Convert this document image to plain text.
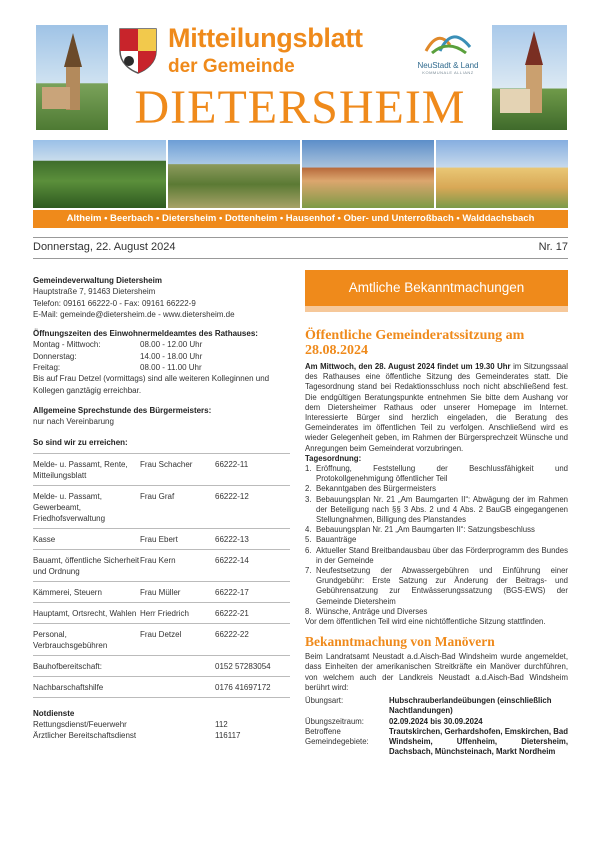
Mitteilungsblatt
der Gemeinde	NeuStadt & Land
KOMMUNALE ALLIANZ
DIETERSHEIM
Altheim • Beerbach • Dietersheim • Dottenheim • Hausenhof • Ober- und Unterroßbach • Walddachsbach
Donnerstag, 22. August 2024	Nr. 17
Gemeindeverwaltung Dietersheim
Hauptstraße 7, 91463 Dietersheim
Telefon: 09161 66222-0 - Fax: 09161 66222-9
E-Mail: gemeinde@dietersheim.de - www.dietersheim.de
Öffnungszeiten des Einwohnermeldeamtes des Rathauses:
Montag - Mittwoch:	08.00 - 12.00 Uhr
Donnerstag:	14.00 - 18.00 Uhr
Freitag:	08.00 - 11.00 Uhr
Bis auf Frau Detzel (vormittags) sind alle weiteren Kolleginnen und Kollegen ganztägig erreichbar.
Allgemeine Sprechstunde des Bürgermeisters:
nur nach Vereinbarung
So sind wir zu erreichen:
Melde- u. Passamt, Rente, Mitteilungsblatt	Frau Schacher	66222-11
Melde- u. Passamt, Gewerbeamt, Friedhofsverwaltung	Frau Graf	66222-12
Kasse	Frau Ebert	66222-13
Bauamt, öffentliche Sicherheit und Ordnung	Frau Kern	66222-14
Kämmerei, Steuern	Frau Müller	66222-17
Hauptamt, Ortsrecht, Wahlen	Herr Friedrich	66222-21
Personal, Verbrauchsgebühren	Frau Detzel	66222-22
Bauhofbereitschaft:		0152 57283054
Nachbarschaftshilfe		0176 41697172
Notdienste
Rettungsdienst/Feuerwehr	112
Ärztlicher Bereitschaftsdienst	116117
Amtliche Bekanntmachungen
Öffentliche Gemeinderatssitzung am 28.08.2024
Am Mittwoch, den 28. August 2024 findet um 19.30 Uhr im Sitzungssaal des Rathauses eine öffentliche Sitzung des Gemeinderates statt. Die Tagesordnung stand bei Redaktionsschluss noch nicht abschließend fest. Die endgültigen Beratungspunkte entnehmen Sie bitte dem Aushang vor dem Dietersheimer Rathaus oder unserer Homepage im Internet. Interessierte Bürger sind herzlich eingeladen, die Beratung des Gemeinderates im öffentlichen Teil zu verfolgen. Anschließend wird es wieder Gelegenheit geben, im Rahmen der Bürgersprechzeit Wünsche und Anregungen beim Gemeinderat vorzubringen.
Tagesordnung:
1. Eröffnung, Feststellung der Beschlussfähigkeit und Protokollgenehmigung öffentlicher Teil
2. Bekanntgaben des Bürgermeisters
3. Bebauungsplan Nr. 21 „Am Baumgarten II“: Abwägung der im Rahmen der Beteiligung nach §§ 3 Abs. 2 und 4 Abs. 2 BauGB eingegangenen Stellungnahmen, Billigung des Planstandes
4. Bebauungsplan Nr. 21 „Am Baumgarten II“: Satzungsbeschluss
5. Bauanträge
6. Aktueller Stand Breitbandausbau über das Förderprogramm des Bundes in der Gemeinde
7. Neufestsetzung der Abwassergebühren und Einführung einer Grundgebühr: Erste Satzung zur Änderung der Beitrags- und Gebührensatzung zur Entwässerungssatzung (BGS-EWS) der Gemeinde Dietersheim
8. Wünsche, Anträge und Diverses
Vor dem öffentlichen Teil wird eine nichtöffentliche Sitzung stattfinden.
Bekanntmachung von Manövern
Beim Landratsamt Neustadt a.d.Aisch-Bad Windsheim wurde angemeldet, dass Einheiten der amerikanischen Streitkräfte ein Manöver durchführen, von welchem auch der Landkreis Neustadt a.d.Aisch-Bad Windsheim berührt wird:
Übungsart:	Hubschrauberlandeübungen (einschließlich Nachtlandungen)
Übungszeitraum:	02.09.2024 bis 30.09.2024
Betroffene Gemeindegebiete:
Trautskirchen, Gerhardshofen, Emskirchen, Bad Windsheim, Uffenheim, Dietersheim, Dachsbach, Münchsteinach, Markt Nordheim
